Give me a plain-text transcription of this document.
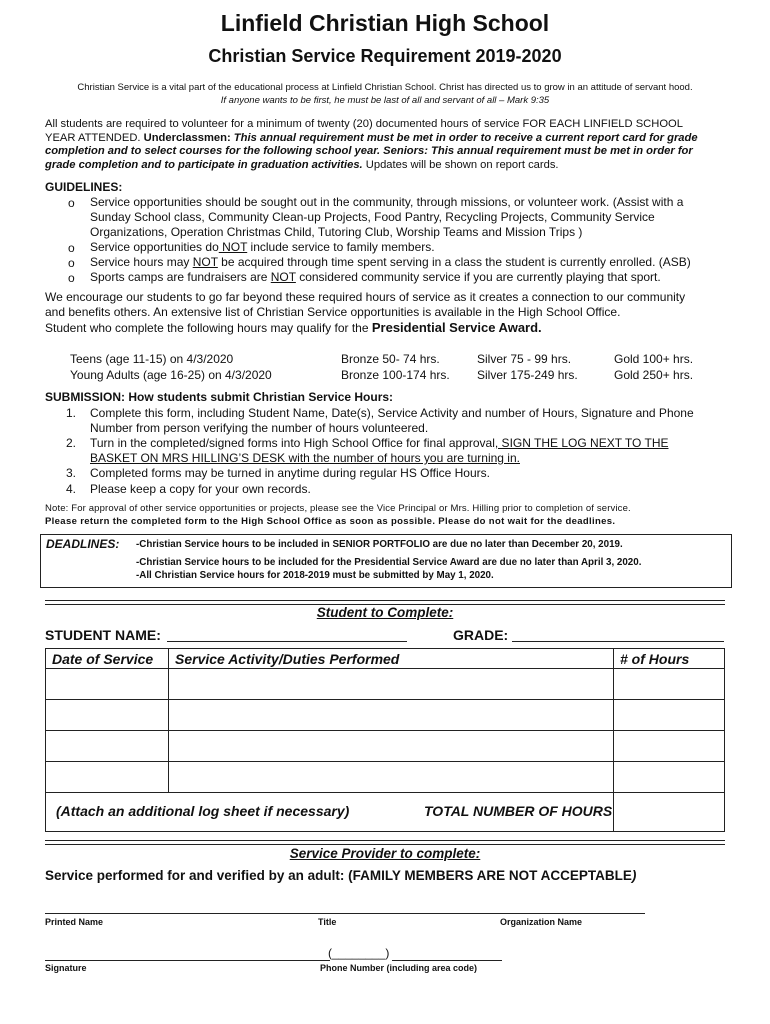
Linfield Christian High School
Christian Service Requirement 2019-2020
Christian Service is a vital part of the educational process at Linfield Christian School. Christ has directed us to grow in an attitude of servant hood.
If anyone wants to be first, he must be last of all and servant of all – Mark 9:35
All students are required to volunteer for a minimum of twenty (20) documented hours of service FOR EACH LINFIELD SCHOOL
YEAR ATTENDED. Underclassmen: This annual requirement must be met in order to receive a current report card for grade
completion and to select courses for the following school year. Seniors: This annual requirement must be met in order for
grade completion and to participate in graduation activities. Updates will be shown on report cards.
GUIDELINES:
o Service opportunities should be sought out in the community, through missions, or volunteer work. (Assist with a
Sunday School class, Community Clean-up Projects, Food Pantry, Recycling Projects, Community Service
Organizations, Operation Christmas Child, Tutoring Club, Worship Teams and Mission Trips )
o Service opportunities do NOT include service to family members.
o Service hours may NOT be acquired through time spent serving in a class the student is currently enrolled. (ASB)
o Sports camps are fundraisers are NOT considered community service if you are currently playing that sport.
We encourage our students to go far beyond these required hours of service as it creates a connection to our community
and benefits others. An extensive list of Christian Service opportunities is available in the High School Office.
Student who complete the following hours may qualify for the Presidential Service Award.
Teens (age 11-15) on 4/3/2020	Bronze 50- 74 hrs.	Silver 75 - 99 hrs.	Gold 100+ hrs.
Young Adults (age 16-25) on 4/3/2020	Bronze 100-174 hrs. Silver 175-249 hrs.	Gold 250+ hrs.
SUBMISSION: How students submit Christian Service Hours:
1. Complete this form, including Student Name, Date(s), Service Activity and number of Hours, Signature and Phone
Number from person verifying the number of hours volunteered.
2. Turn in the completed/signed forms into High School Office for final approval, SIGN THE LOG NEXT TO THE
BASKET ON MRS HILLING’S DESK with the number of hours you are turning in.
3. Completed forms may be turned in anytime during regular HS Office Hours.
4. Please keep a copy for your own records.
Note: For approval of other service opportunities or projects, please see the Vice Principal or Mrs. Hilling prior to completion of service.
Please return the completed form to the High School Office as soon as possible. Please do not wait for the deadlines.
DEADLINES: -Christian Service hours to be included in SENIOR PORTFOLIO are due no later than December 20, 2019.
-Christian Service hours to be included for the Presidential Service Award are due no later than April 3, 2020.
-All Christian Service hours for 2018-2019 must be submitted by May 1, 2020.
Student to Complete:
STUDENT NAME:	GRADE:
Date of Service	Service Activity/Duties Performed	# of Hours

(Attach an additional log sheet if necessary) TOTAL NUMBER OF HOURS		

Service Provider to complete:
Service performed for and verified by an adult: (FAMILY MEMBERS ARE NOT ACCEPTABLE)
Printed Name	Title	Organization Name
(________)
Signature	Phone Number (including area code)
